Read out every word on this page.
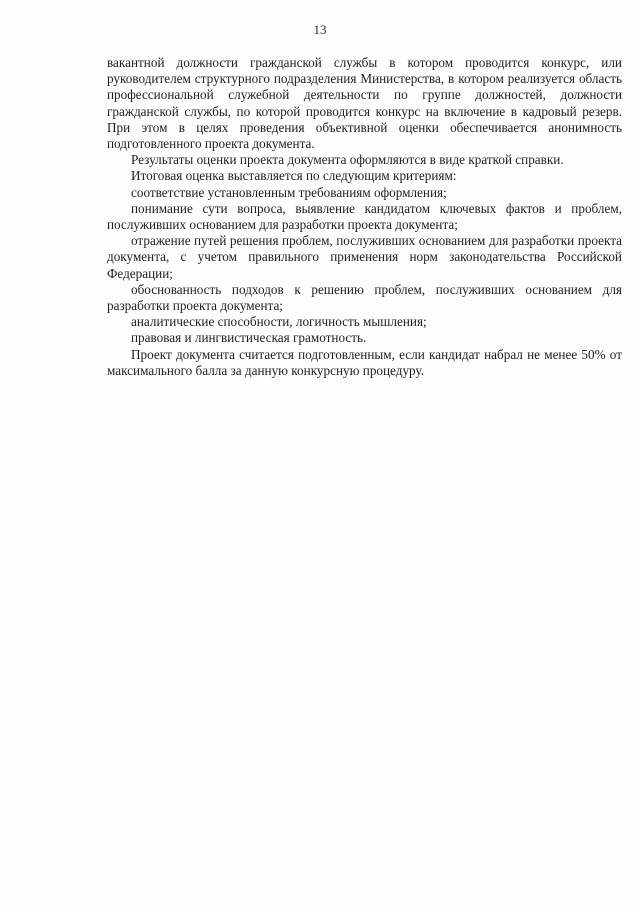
13

вакантной должности гражданской службы в котором проводится конкурс, или руководителем структурного подразделения Министерства, в котором реализуется область профессиональной служебной деятельности по группе должностей, должности гражданской службы, по которой проводится конкурс на включение в кадровый резерв. При этом в целях проведения объективной оценки обеспечивается анонимность подготовленного проекта документа.

Результаты оценки проекта документа оформляются в виде краткой справки.

Итоговая оценка выставляется по следующим критериям:

соответствие установленным требованиям оформления;

понимание сути вопроса, выявление кандидатом ключевых фактов и проблем, послуживших основанием для разработки проекта документа;

отражение путей решения проблем, послуживших основанием для разработки проекта документа, с учетом правильного применения норм законодательства Российской Федерации;

обоснованность подходов к решению проблем, послуживших основанием для разработки проекта документа;

аналитические способности, логичность мышления;

правовая и лингвистическая грамотность.

Проект документа считается подготовленным, если кандидат набрал не менее 50% от максимального балла за данную конкурсную процедуру.
